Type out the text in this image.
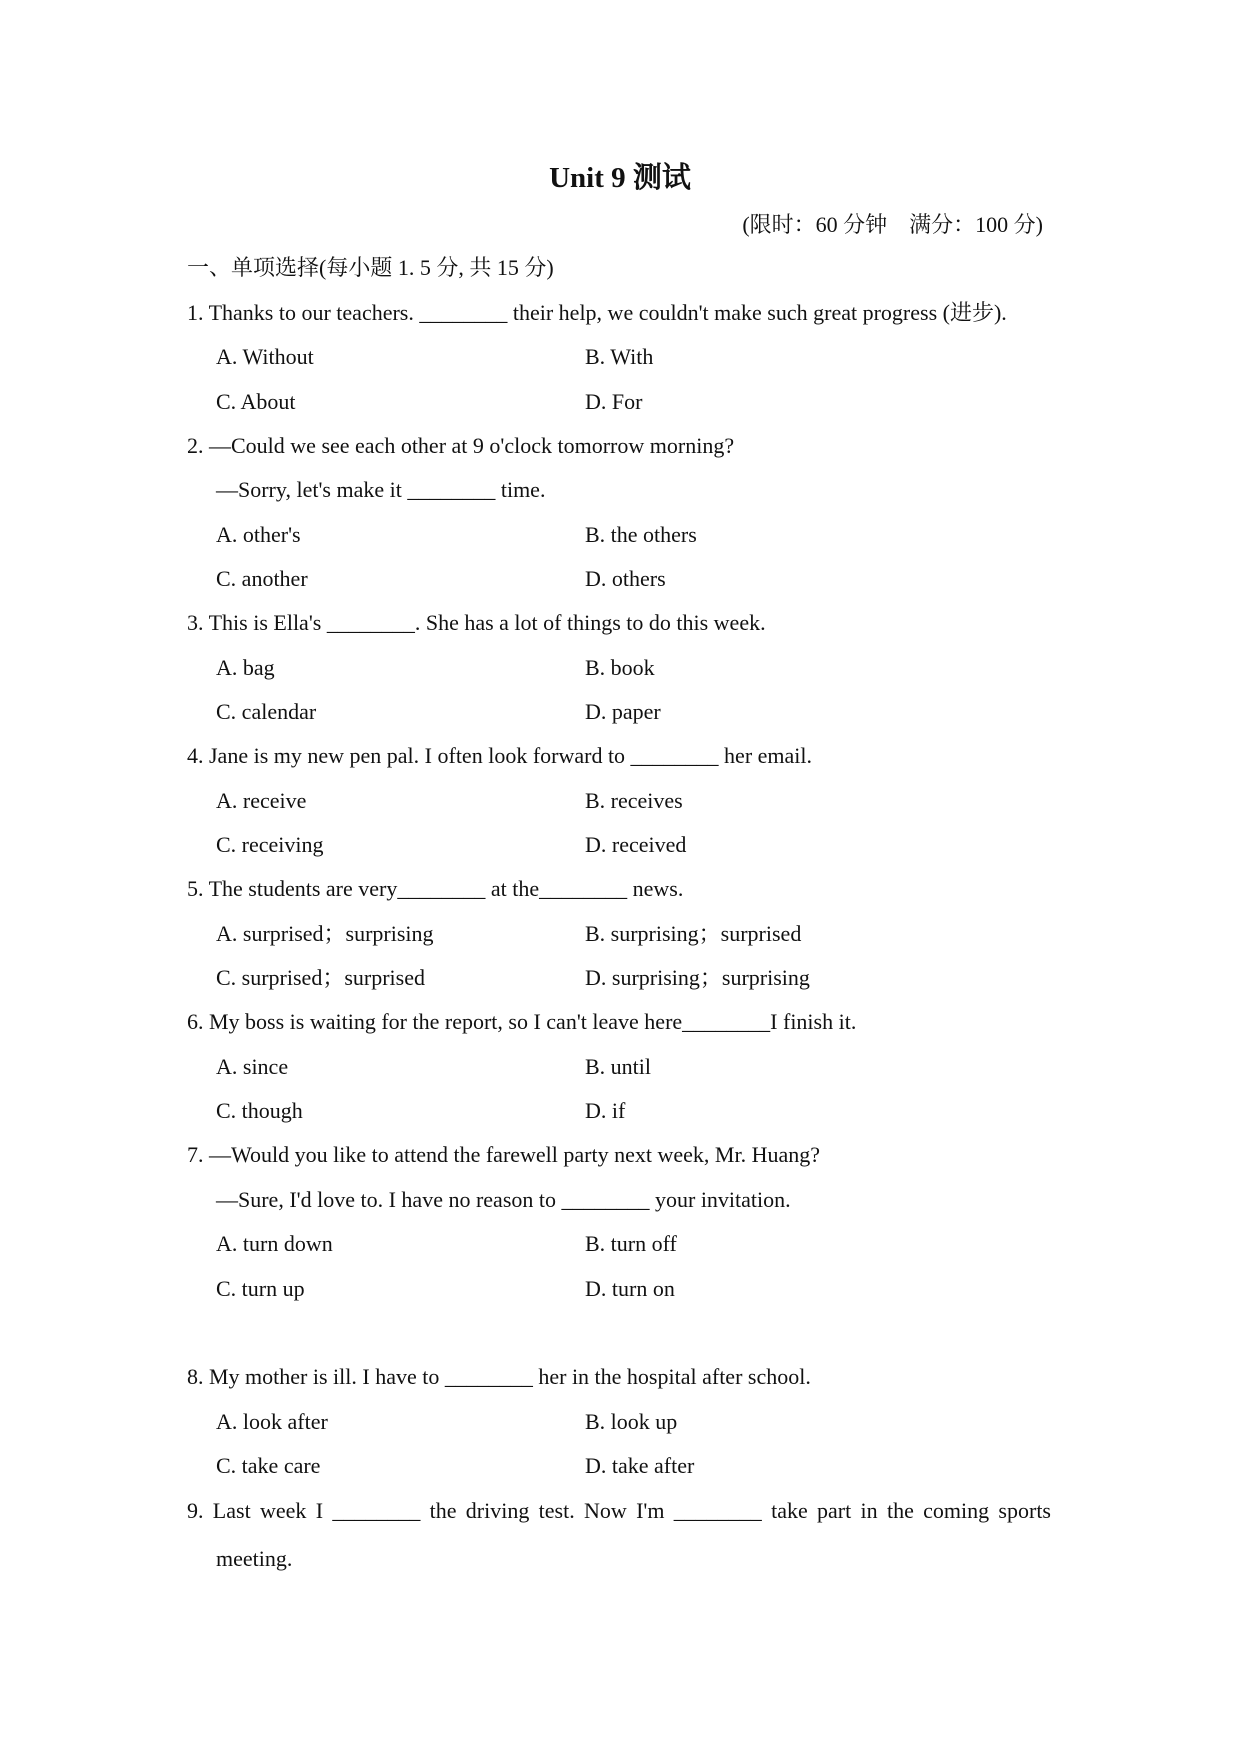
Unit 9 测试
(限时：60 分钟    满分：100 分)
一、单项选择(每小题 1. 5 分, 共 15 分)
1. Thanks to our teachers. ________ their help, we couldn't make such great progress (进步).
A. Without	B. With
C. About	D. For
2. —Could we see each other at 9 o'clock tomorrow morning?
—Sorry, let's make it ________ time.
A. other's	B. the others
C. another	D. others
3. This is Ella's ________. She has a lot of things to do this week.
A. bag	B. book
C. calendar	D. paper
4. Jane is my new pen pal. I often look forward to ________ her email.
A. receive	B. receives
C. receiving	D. received
5. The students are very________ at the________ news.
A. surprised；surprising	B. surprising；surprised
C. surprised；surprised	D. surprising；surprising
6. My boss is waiting for the report, so I can't leave here________I finish it.
A. since	B. until
C. though	D. if
7. —Would you like to attend the farewell party next week, Mr. Huang?
—Sure, I'd love to. I have no reason to ________ your invitation.
A. turn down	B. turn off
C. turn up	D. turn on
8. My mother is ill. I have to ________ her in the hospital after school.
A. look after	B. look up
C. take care	D. take after
9. Last week I ________ the driving test. Now I'm ________ take part in the coming sports
meeting.
